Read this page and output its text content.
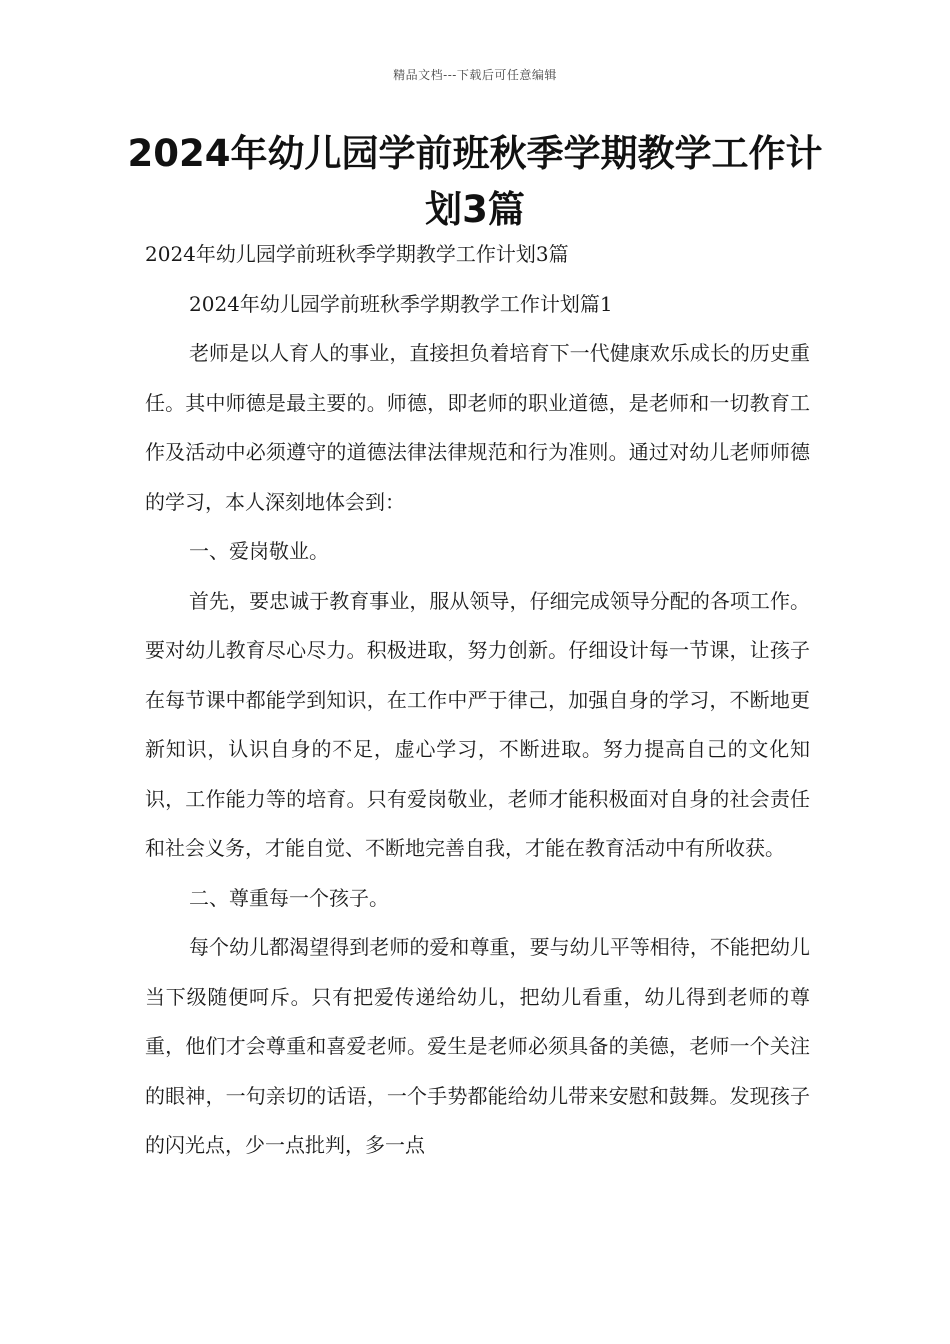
精品文档---下载后可任意编辑
2024年幼儿园学前班秋季学期教学工作计划3篇

2024年幼儿园学前班秋季学期教学工作计划3篇

2024年幼儿园学前班秋季学期教学工作计划篇1

老师是以人育人的事业，直接担负着培育下一代健康欢乐成长的历史重任。其中师德是最主要的。师德，即老师的职业道德，是老师和一切教育工作及活动中必须遵守的道德法律法律规范和行为准则。通过对幼儿老师师德的学习，本人深刻地体会到：

一、爱岗敬业。

首先，要忠诚于教育事业，服从领导，仔细完成领导分配的各项工作。要对幼儿教育尽心尽力。积极进取，努力创新。仔细设计每一节课，让孩子在每节课中都能学到知识，在工作中严于律己，加强自身的学习，不断地更新知识，认识自身的不足，虚心学习，不断进取。努力提高自己的文化知识，工作能力等的培育。只有爱岗敬业，老师才能积极面对自身的社会责任和社会义务，才能自觉、不断地完善自我，才能在教育活动中有所收获。

二、尊重每一个孩子。

每个幼儿都渴望得到老师的爱和尊重，要与幼儿平等相待，不能把幼儿当下级随便呵斥。只有把爱传递给幼儿，把幼儿看重，幼儿得到老师的尊重，他们才会尊重和喜爱老师。爱生是老师必须具备的美德，老师一个关注的眼神，一句亲切的话语，一个手势都能给幼儿带来安慰和鼓舞。发现孩子的闪光点，少一点批判，多一点
